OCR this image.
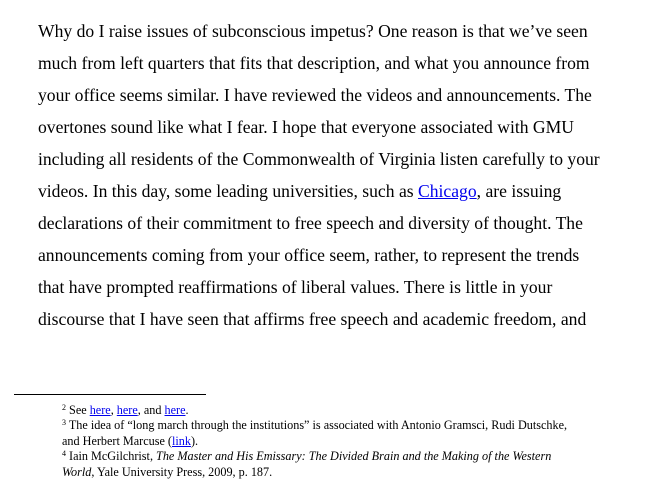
Why do I raise issues of subconscious impetus? One reason is that we’ve seen
much from left quarters that fits that description, and what you announce from
your office seems similar. I have reviewed the videos and announcements. The
overtones sound like what I fear. I hope that everyone associated with GMU
including all residents of the Commonwealth of Virginia listen carefully to your
videos. In this day, some leading universities, such as Chicago, are issuing
declarations of their commitment to free speech and diversity of thought. The
announcements coming from your office seem, rather, to represent the trends
that have prompted reaffirmations of liberal values. There is little in your
discourse that I have seen that affirms free speech and academic freedom, and
$^2$ See here, here, and here.
$^3$ The idea of “long march through the institutions” is associated with Antonio Gramsci, Rudi Dutschke,
and Herbert Marcuse (link).
$^4$ Iain McGilchrist, The Master and His Emissary: The Divided Brain and the Making of the Western
World, Yale University Press, 2009, p. 187.
